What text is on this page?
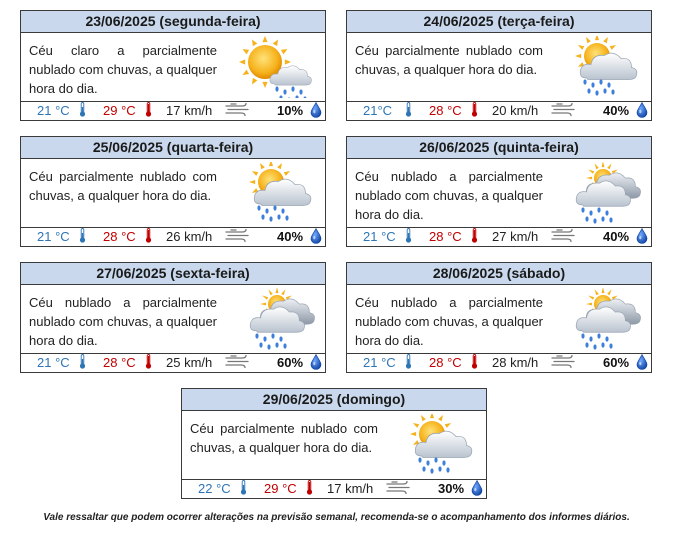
23/06/2025 (segunda-feira)
Céu claro a parcialmente nublado com chuvas, a qualquer hora do dia.
21 °C	29 °C 17 km/h	10%
24/06/2025 (terça-feira)
Céu parcialmente nublado com chuvas, a qualquer hora do dia.
21°C	28 °C 20 km/h	40%
25/06/2025 (quarta-feira)
Céu parcialmente nublado com chuvas, a qualquer hora do dia.
21 °C	28 °C 26 km/h	40%
26/06/2025 (quinta-feira)
Céu nublado a parcialmente nublado com chuvas, a qualquer hora do dia.
21 °C	28 °C 27 km/h	40%
27/06/2025 (sexta-feira)
Céu nublado a parcialmente nublado com chuvas, a qualquer hora do dia.
21 °C	28 °C 25 km/h	60%
28/06/2025 (sábado)
Céu nublado a parcialmente nublado com chuvas, a qualquer hora do dia.
21 °C	28 °C 28 km/h	60%
29/06/2025 (domingo)
Céu parcialmente nublado com chuvas, a qualquer hora do dia.
22 °C	29 °C 17 km/h	30%
Vale ressaltar que podem ocorrer alterações na previsão semanal, recomenda-se o acompanhamento dos informes diários.
